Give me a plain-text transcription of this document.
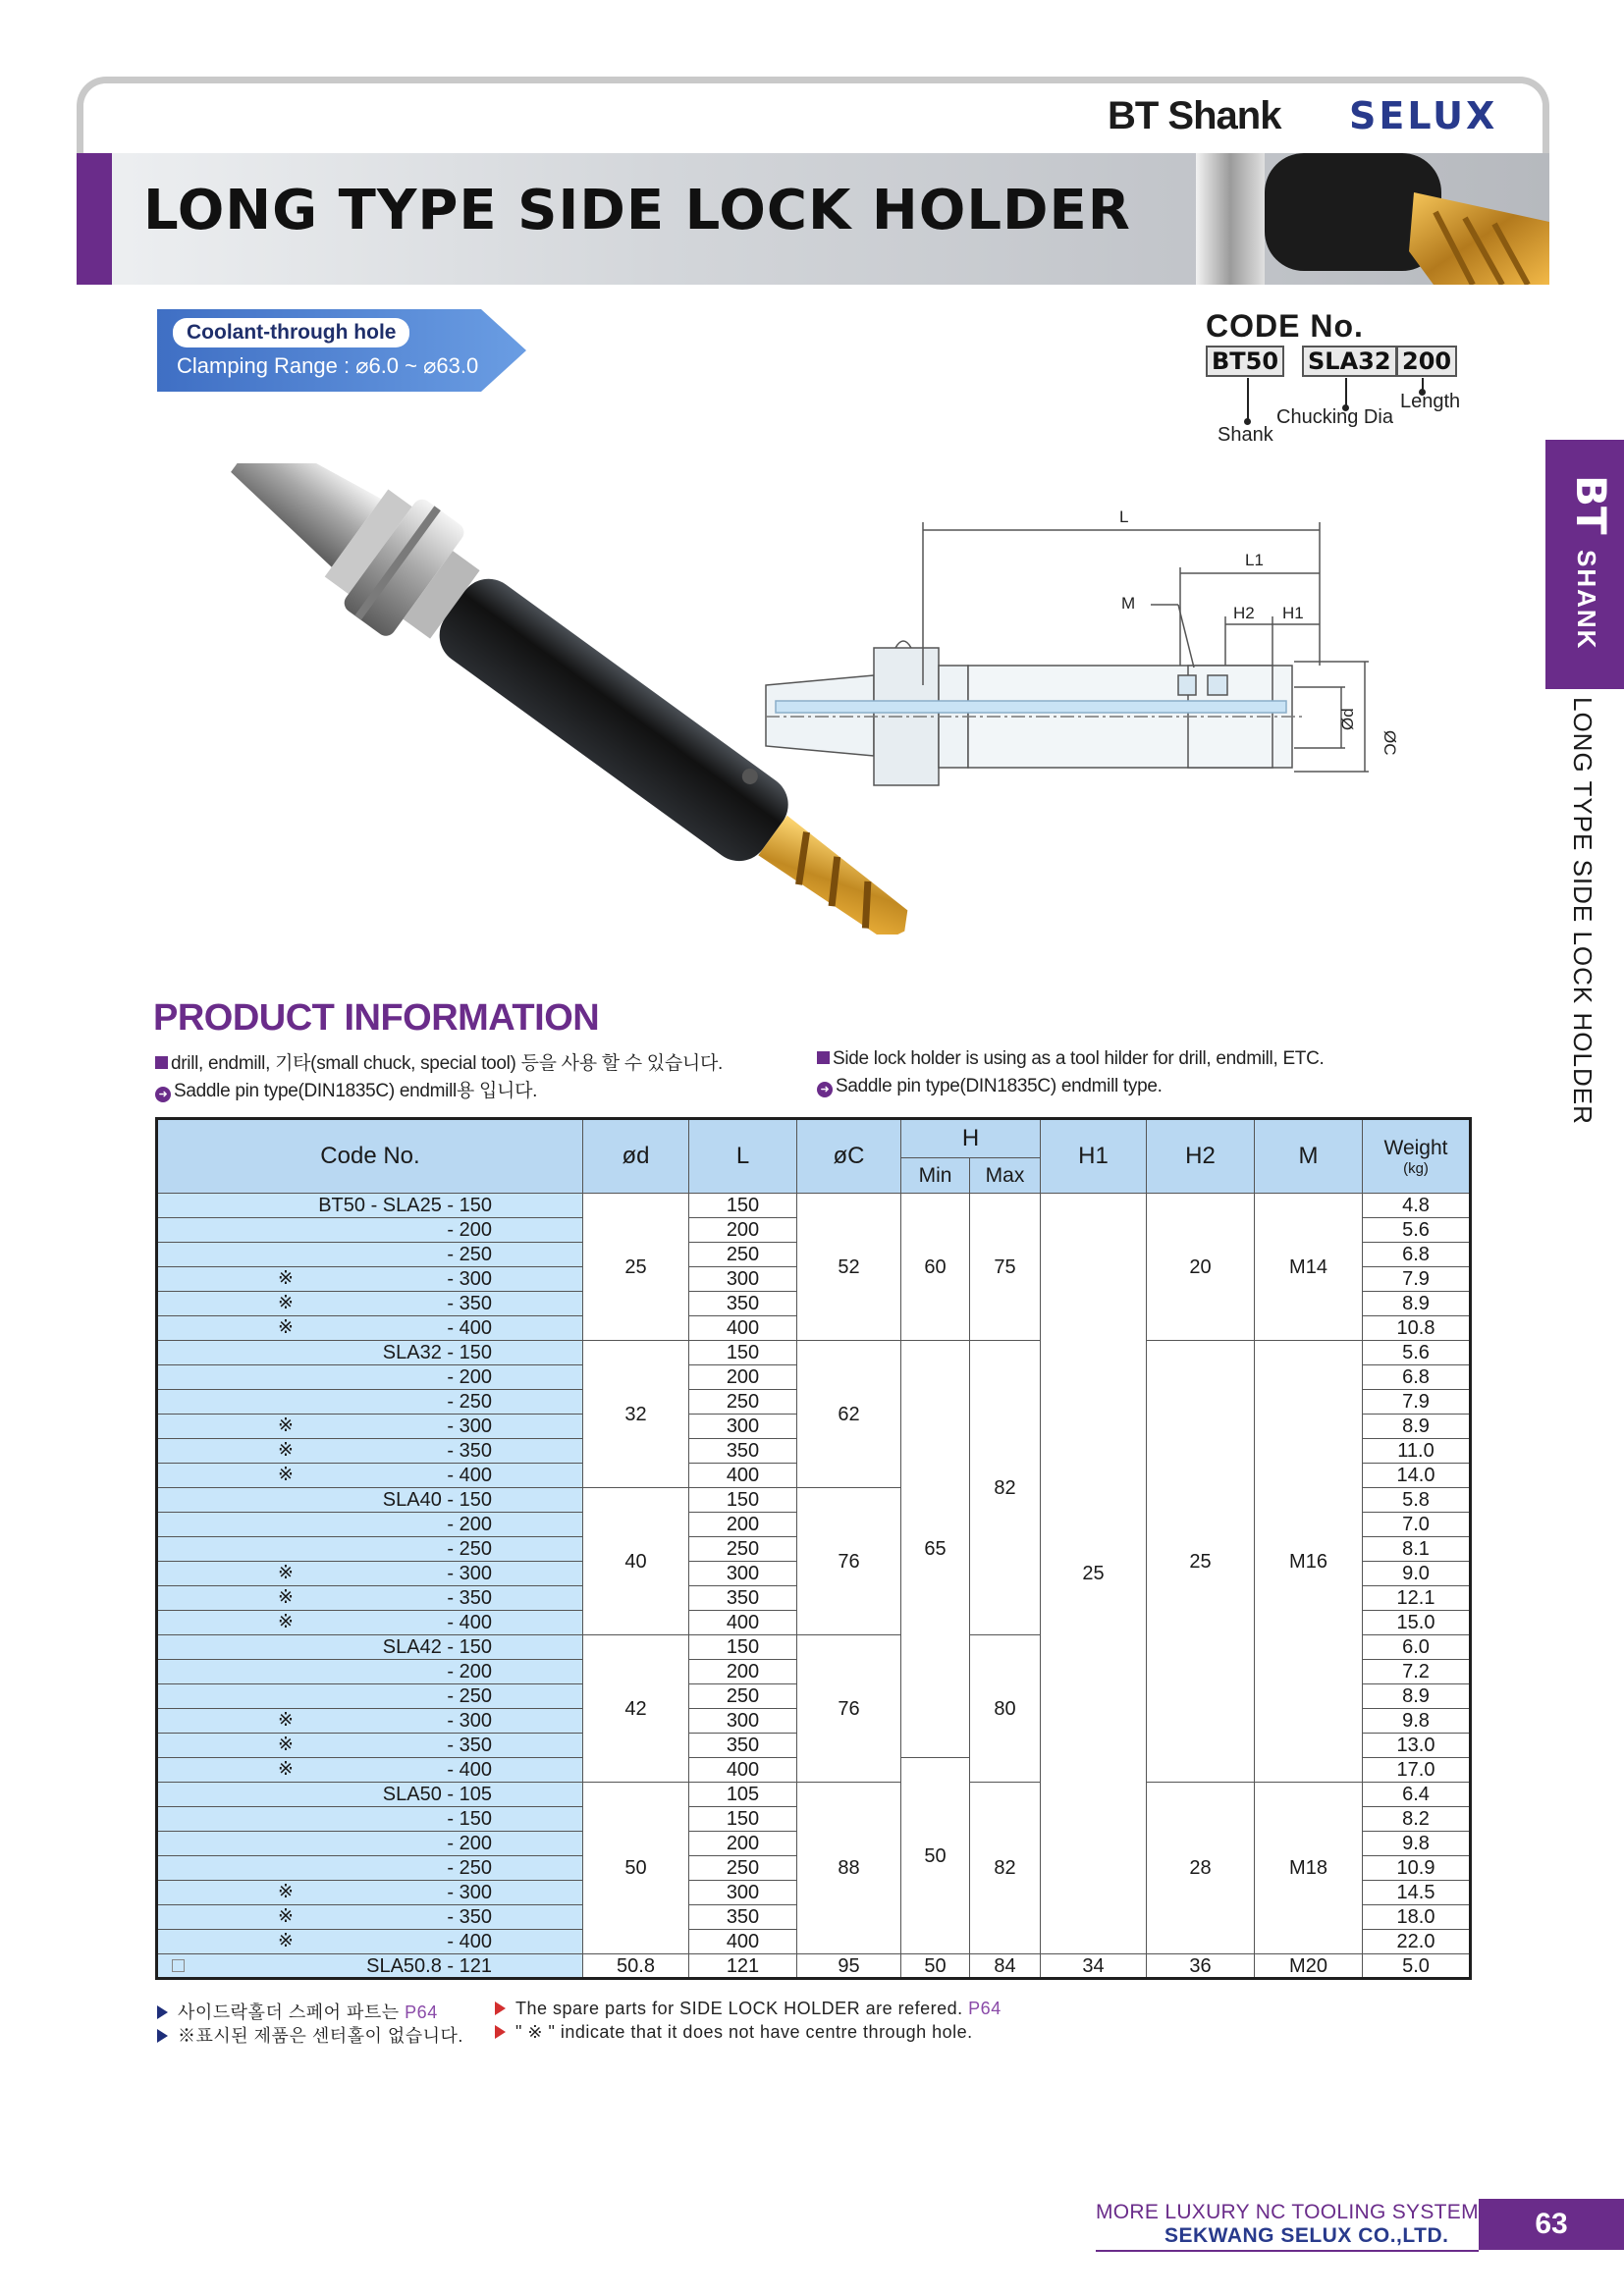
BT Shank SELUX
LONG TYPE SIDE LOCK HOLDER
Coolant-through hole
Clamping Range : ⌀6.0 ~ ⌀63.0
CODE No.
BT50 SLA32 200
Shank
Chucking Dia
Length
BT
SHANK
LONG TYPE SIDE LOCK HOLDER
L
L1
M
H2 H1
Ød
ØC
PRODUCT INFORMATION
drill, endmill, 기타(small chuck, special tool) 등을 사용 할 수 있습니다.
➜ Saddle pin type(DIN1835C) endmill용 입니다.
Side lock holder is using as a tool hilder for drill, endmill, ETC.
➜ Saddle pin type(DIN1835C) endmill type.
Code No.	ød	L	øC	H		H1	H2	M	Weight
(kg)

				Min	Max				

BT50 - SLA25 - 150	25	150	52	60	75	25	20	M14	4.8

- 200		200							5.6

- 250		250							6.8

※ - 300		300							7.9

※ - 350		350							8.9

※ - 400		400							10.8

SLA32 - 150	32	150	62	65	82		25	M16	5.6

- 200		200							6.8

- 250		250							7.9

※ - 300		300							8.9

※ - 350		350							11.0

※ - 400		400							14.0

SLA40 - 150	40	150	76						5.8

- 200		200							7.0

- 250		250							8.1

※ - 300		300							9.0

※ - 350		350							12.1

※ - 400		400							15.0

SLA42 - 150	42	150	76		80				6.0

- 200		200							7.2

- 250		250							8.9

※ - 300		300							9.8

※ - 350		350							13.0

※ - 400		400		50					17.0

SLA50 - 105	50	105	88		82		28	M18	6.4

- 150		150							8.2

- 200		200							9.8

- 250		250							10.9

※ - 300		300							14.5

※ - 350		350							18.0

※ - 400		400							22.0

SLA50.8 - 121	50.8	121	95	50	84	34	36	M20	5.0
사이드락홀더 스페어 파트는 P64
※표시된 제품은 센터홀이 없습니다.
The spare parts for SIDE LOCK HOLDER are refered. P64
" ※ " indicate that it does not have centre through hole.
MORE LUXURY NC TOOLING SYSTEM
SEKWANG SELUX CO.,LTD.	63
